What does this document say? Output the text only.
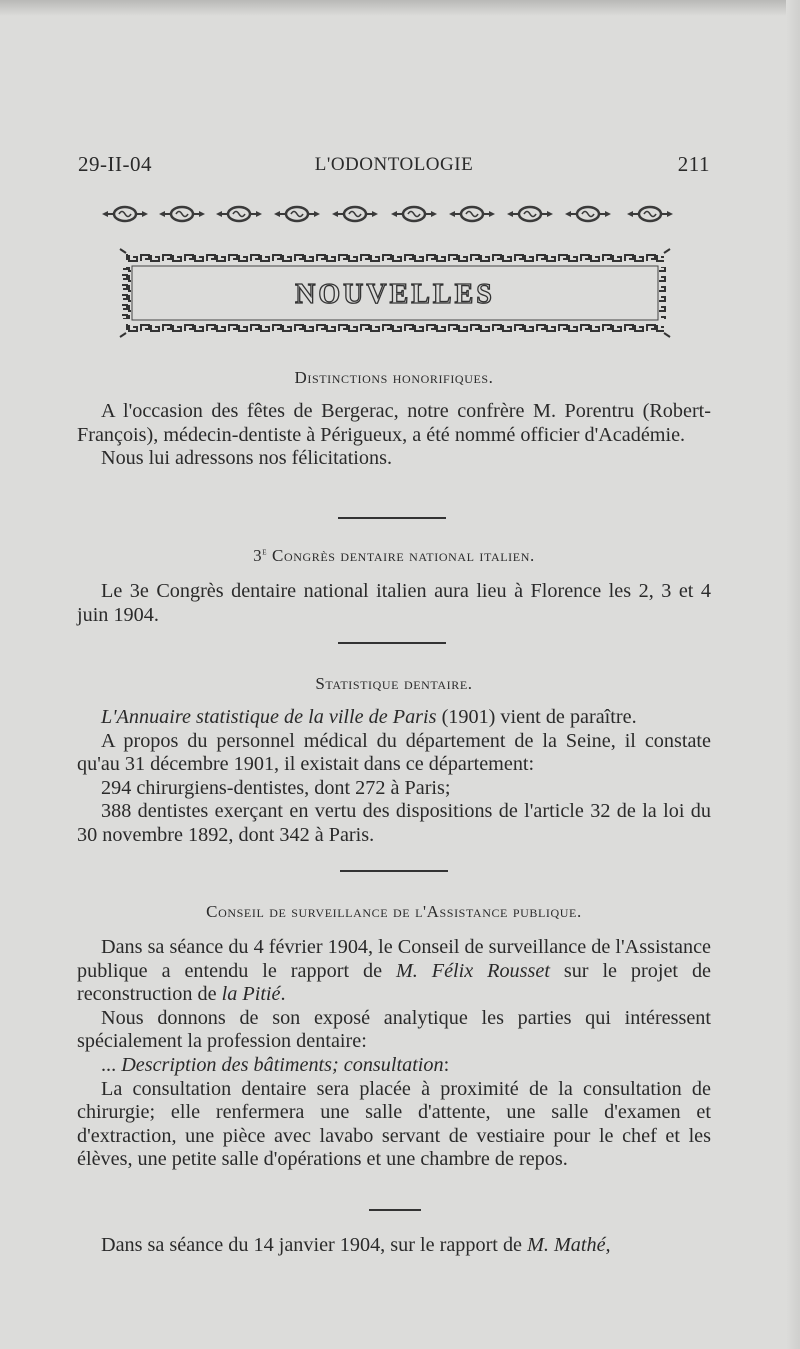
29-II-04	L'ODONTOLOGIE	211
NOUVELLES
Distinctions honorifiques.

A l'occasion des fêtes de Bergerac, notre confrère M. Porentru (Robert-François), médecin-dentiste à Périgueux, a été nommé officier d'Académie.

Nous lui adressons nos félicitations.

3e Congrès dentaire national italien.

Le 3e Congrès dentaire national italien aura lieu à Florence les 2, 3 et 4 juin 1904.

Statistique dentaire.

L'Annuaire statistique de la ville de Paris (1901) vient de paraître.

A propos du personnel médical du département de la Seine, il constate qu'au 31 décembre 1901, il existait dans ce département:

294 chirurgiens-dentistes, dont 272 à Paris;

388 dentistes exerçant en vertu des dispositions de l'article 32 de la loi du 30 novembre 1892, dont 342 à Paris.

Conseil de surveillance de l'Assistance publique.

Dans sa séance du 4 février 1904, le Conseil de surveillance de l'Assistance publique a entendu le rapport de M. Félix Rousset sur le projet de reconstruction de la Pitié.

Nous donnons de son exposé analytique les parties qui intéressent spécialement la profession dentaire:

... Description des bâtiments; consultation:

La consultation dentaire sera placée à proximité de la consultation de chirurgie; elle renfermera une salle d'attente, une salle d'examen et d'extraction, une pièce avec lavabo servant de vestiaire pour le chef et les élèves, une petite salle d'opérations et une chambre de repos.

Dans sa séance du 14 janvier 1904, sur le rapport de M. Mathé,
